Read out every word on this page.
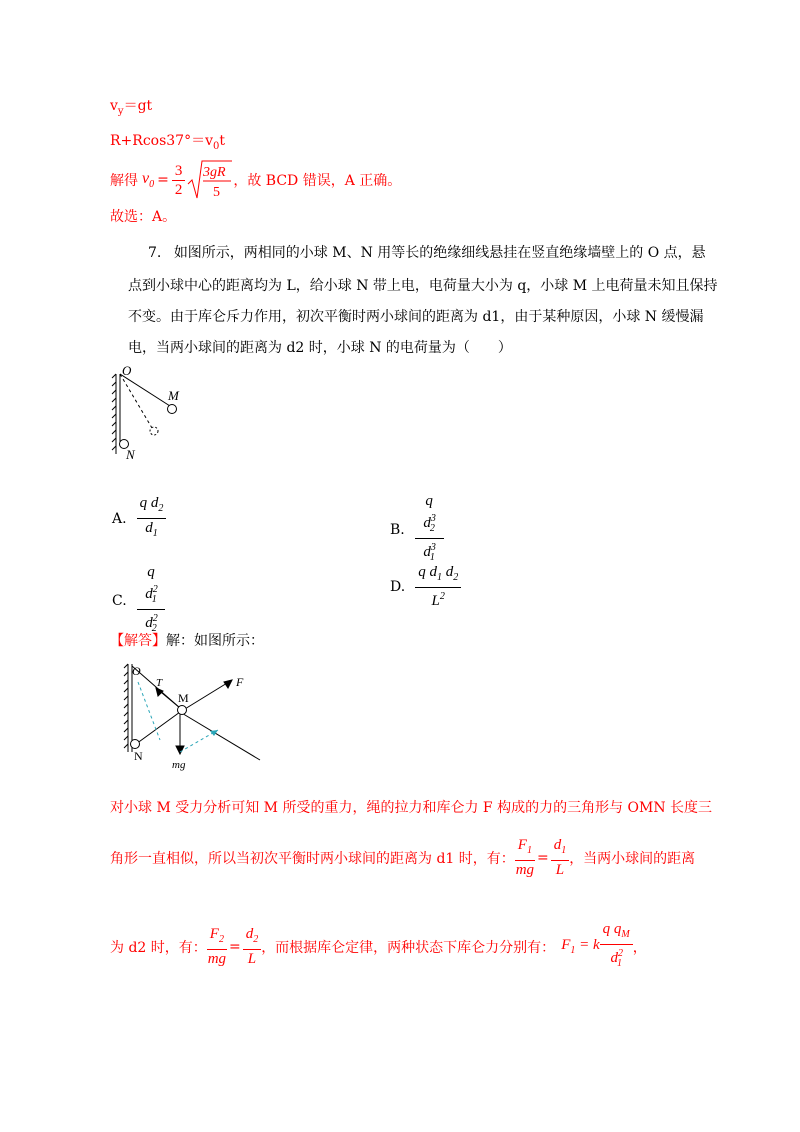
$v_y=gt$
$R+Rcos37^\circ=v_0t$
解得 $v_0 = \frac{3}{2} 3gR$
5
，故 BCD 错误，A 正确。
故选：A。
7. 如图所示，两相同的小球 M、N 用等长的绝缘细线悬挂在竖直绝缘墙壁上的 O 点，悬
点到小球中心的距离均为 L，给小球 N 带上电，电荷量大小为 q，小球 M 上电荷量未知且保持
不变。由于库仑斥力作用，初次平衡时两小球间的距离为 d1，由于某种原因，小球 N 缓慢漏
电，当两小球间的距离为 d2 时，小球 N 的电荷量为（　　）
O
M
N
A. $\frac{q d_2}{d_1}$	B. $\frac{q d^3_2}{d^3_1}$
C. $\frac{q d^2_1}{d^2_2}$	D. $\frac{q d_1 d_2}{L^2}$
【解答】解：如图所示：
O
T
M
F
N
mg
对小球 M 受力分析可知 M 所受的重力，绳的拉力和库仑力 F 构成的力的三角形与 OMN 长度三
角形一直相似，所以当初次平衡时两小球间的距离为 d1 时，有： $\frac{F_1}{mg} = \frac{d_1}{L}$ ，当两小球间的距离
为 d2 时，有： $\frac{F_2}{mg} = \frac{d_2}{L}$ ，而根据库仑定律，两种状态下库仑力分别有： $F_1 = k \frac{q q_M}{d^2_1}$ ，
